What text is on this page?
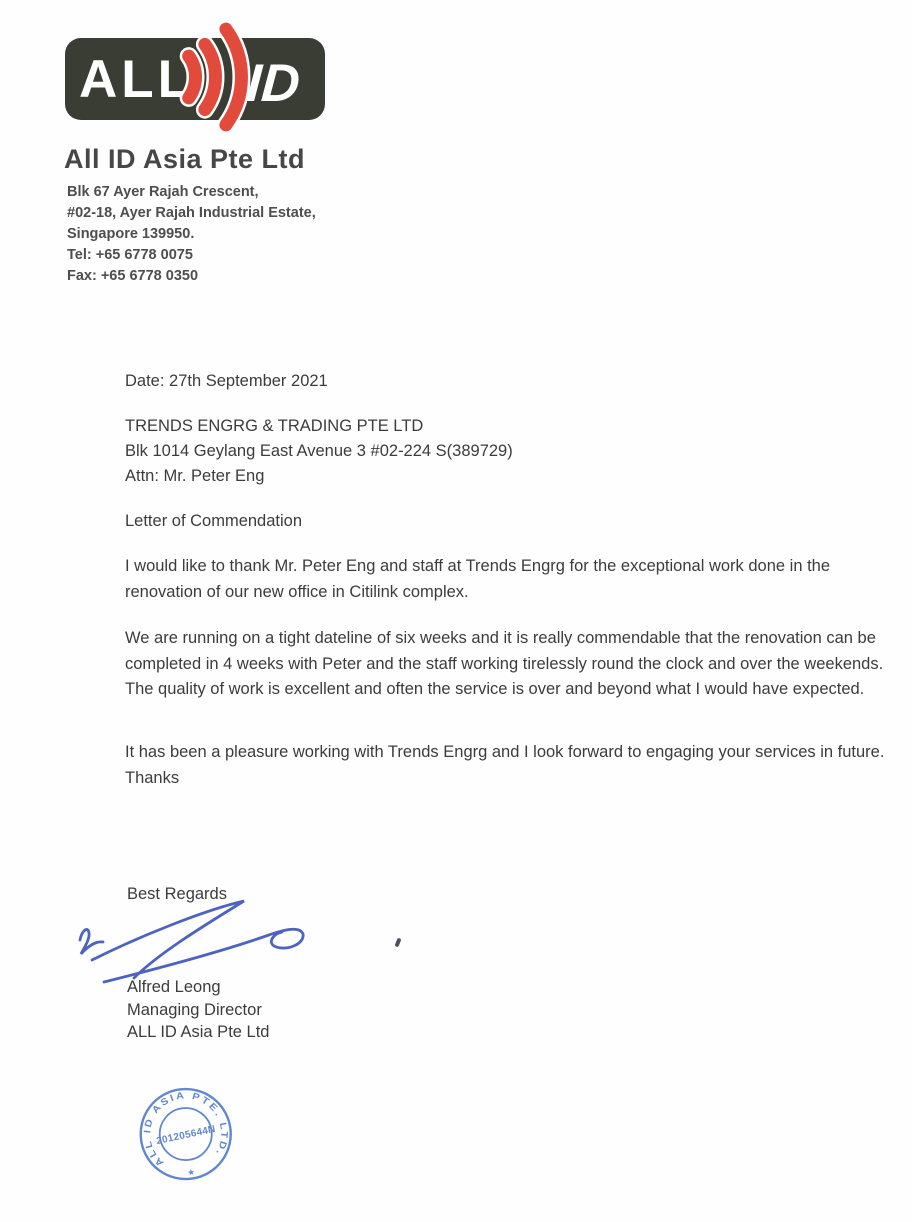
ALL ID
All ID Asia Pte Ltd
Blk 67 Ayer Rajah Crescent,
#02-18, Ayer Rajah Industrial Estate,
Singapore 139950.
Tel: +65 6778 0075
Fax: +65 6778 0350
Date: 27th September 2021
TRENDS ENGRG & TRADING PTE LTD
Blk 1014 Geylang East Avenue 3 #02-224 S(389729)
Attn: Mr. Peter Eng
Letter of Commendation
I would like to thank Mr. Peter Eng and staff at Trends Engrg for the exceptional work done in the renovation of our new office in Citilink complex.
We are running on a tight dateline of six weeks and it is really commendable that the renovation can be completed in 4 weeks with Peter and the staff working tirelessly round the clock and over the weekends. The quality of work is excellent and often the service is over and beyond what I would have expected.
It has been a pleasure working with Trends Engrg and I look forward to engaging your services in future. Thanks
Best Regards
Alfred Leong
Managing Director
ALL ID Asia Pte Ltd
ALL ID ASIA PTE. LTD.
201205644N
★
